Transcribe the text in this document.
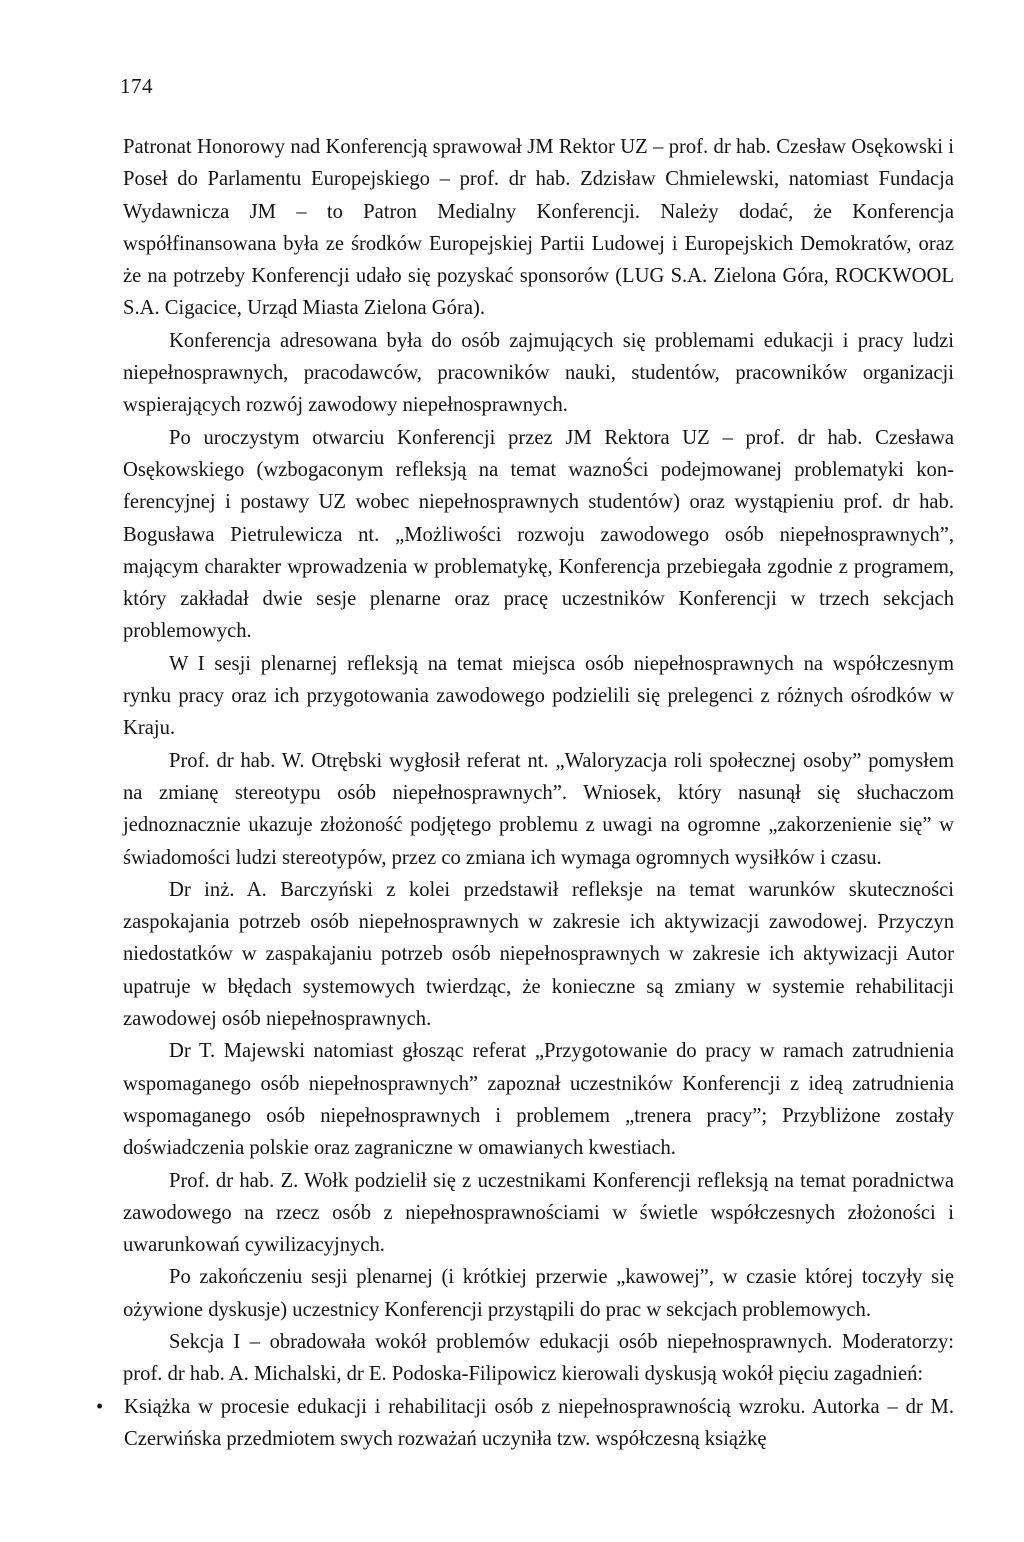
174

Patronat Honorowy nad Konferencją sprawował JM Rektor UZ – prof. dr hab. Czesław Osękowski i Poseł do Parlamentu Europejskiego – prof. dr hab. Zdzisław Chmielewski, natomiast Fundacja Wydawnicza JM – to Patron Medialny Konferencji. Należy dodać, że Konferencja współfinansowana była ze środków Europejskiej Partii Ludowej i Europejskich Demokratów, oraz że na potrzeby Konferencji udało się pozyskać sponsorów (LUG S.A. Zielona Góra, ROCKWOOL S.A. Cigacice, Urząd Miasta Zielona Góra).

Konferencja adresowana była do osób zajmujących się problemami edukacji i pracy ludzi niepełnosprawnych, pracodawców, pracowników nauki, studentów, pracowników organizacji wspierających rozwój zawodowy niepełnosprawnych.

Po uroczystym otwarciu Konferencji przez JM Rektora UZ – prof. dr hab. Czesława Osękowskiego (wzbogaconym refleksją na temat waznoŚci podejmowanej problematyki konferencyjnej i postawy UZ wobec niepełnosprawnych studentów) oraz wystąpieniu prof. dr hab. Bogusława Pietrulewicza nt. „Możliwości rozwoju zawodowego osób niepełnosprawnych”, mającym charakter wprowadzenia w problematykę, Konferencja przebiegała zgodnie z programem, który zakładał dwie sesje plenarne oraz pracę uczestników Konferencji w trzech sekcjach problemowych.

W I sesji plenarnej refleksją na temat miejsca osób niepełnosprawnych na współczesnym rynku pracy oraz ich przygotowania zawodowego podzielili się prelegenci z różnych ośrodków w Kraju.

Prof. dr hab. W. Otrębski wygłosił referat nt. „Waloryzacja roli społecznej osoby” pomysłem na zmianę stereotypu osób niepełnosprawnych”. Wniosek, który nasunął się słuchaczom jednoznacznie ukazuje złożoność podjętego problemu z uwagi na ogromne „zakorzenienie się” w świadomości ludzi stereotypów, przez co zmiana ich wymaga ogromnych wysiłków i czasu.

Dr inż. A. Barczyński z kolei przedstawił refleksje na temat warunków skuteczności zaspokajania potrzeb osób niepełnosprawnych w zakresie ich aktywizacji zawodowej. Przyczyn niedostatków w zaspakajaniu potrzeb osób niepełnosprawnych w zakresie ich aktywizacji Autor upatruje w błędach systemowych twierdząc, że konieczne są zmiany w systemie rehabilitacji zawodowej osób niepełnosprawnych.

Dr T. Majewski natomiast głosząc referat „Przygotowanie do pracy w ramach zatrudnienia wspomaganego osób niepełnosprawnych” zapoznał uczestników Konferencji z ideą zatrudnienia wspomaganego osób niepełnosprawnych i problemem „trenera pracy”; Przybliżone zostały doświadczenia polskie oraz zagraniczne w omawianych kwestiach.

Prof. dr hab. Z. Wołk podzielił się z uczestnikami Konferencji refleksją na temat poradnictwa zawodowego na rzecz osób z niepełnosprawnościami w świetle współczesnych złożoności i uwarunkowań cywilizacyjnych.

Po zakończeniu sesji plenarnej (i krótkiej przerwie „kawowej”, w czasie której toczyły się ożywione dyskusje) uczestnicy Konferencji przystąpili do prac w sekcjach problemowych.

Sekcja I – obradowała wokół problemów edukacji osób niepełnosprawnych. Moderatorzy: prof. dr hab. A. Michalski, dr E. Podoska-Filipowicz kierowali dyskusją wokół pięciu zagadnień:

• Książka w procesie edukacji i rehabilitacji osób z niepełnosprawnością wzroku. Autorka – dr M. Czerwińska przedmiotem swych rozważań uczyniła tzw. współczesną książkę
